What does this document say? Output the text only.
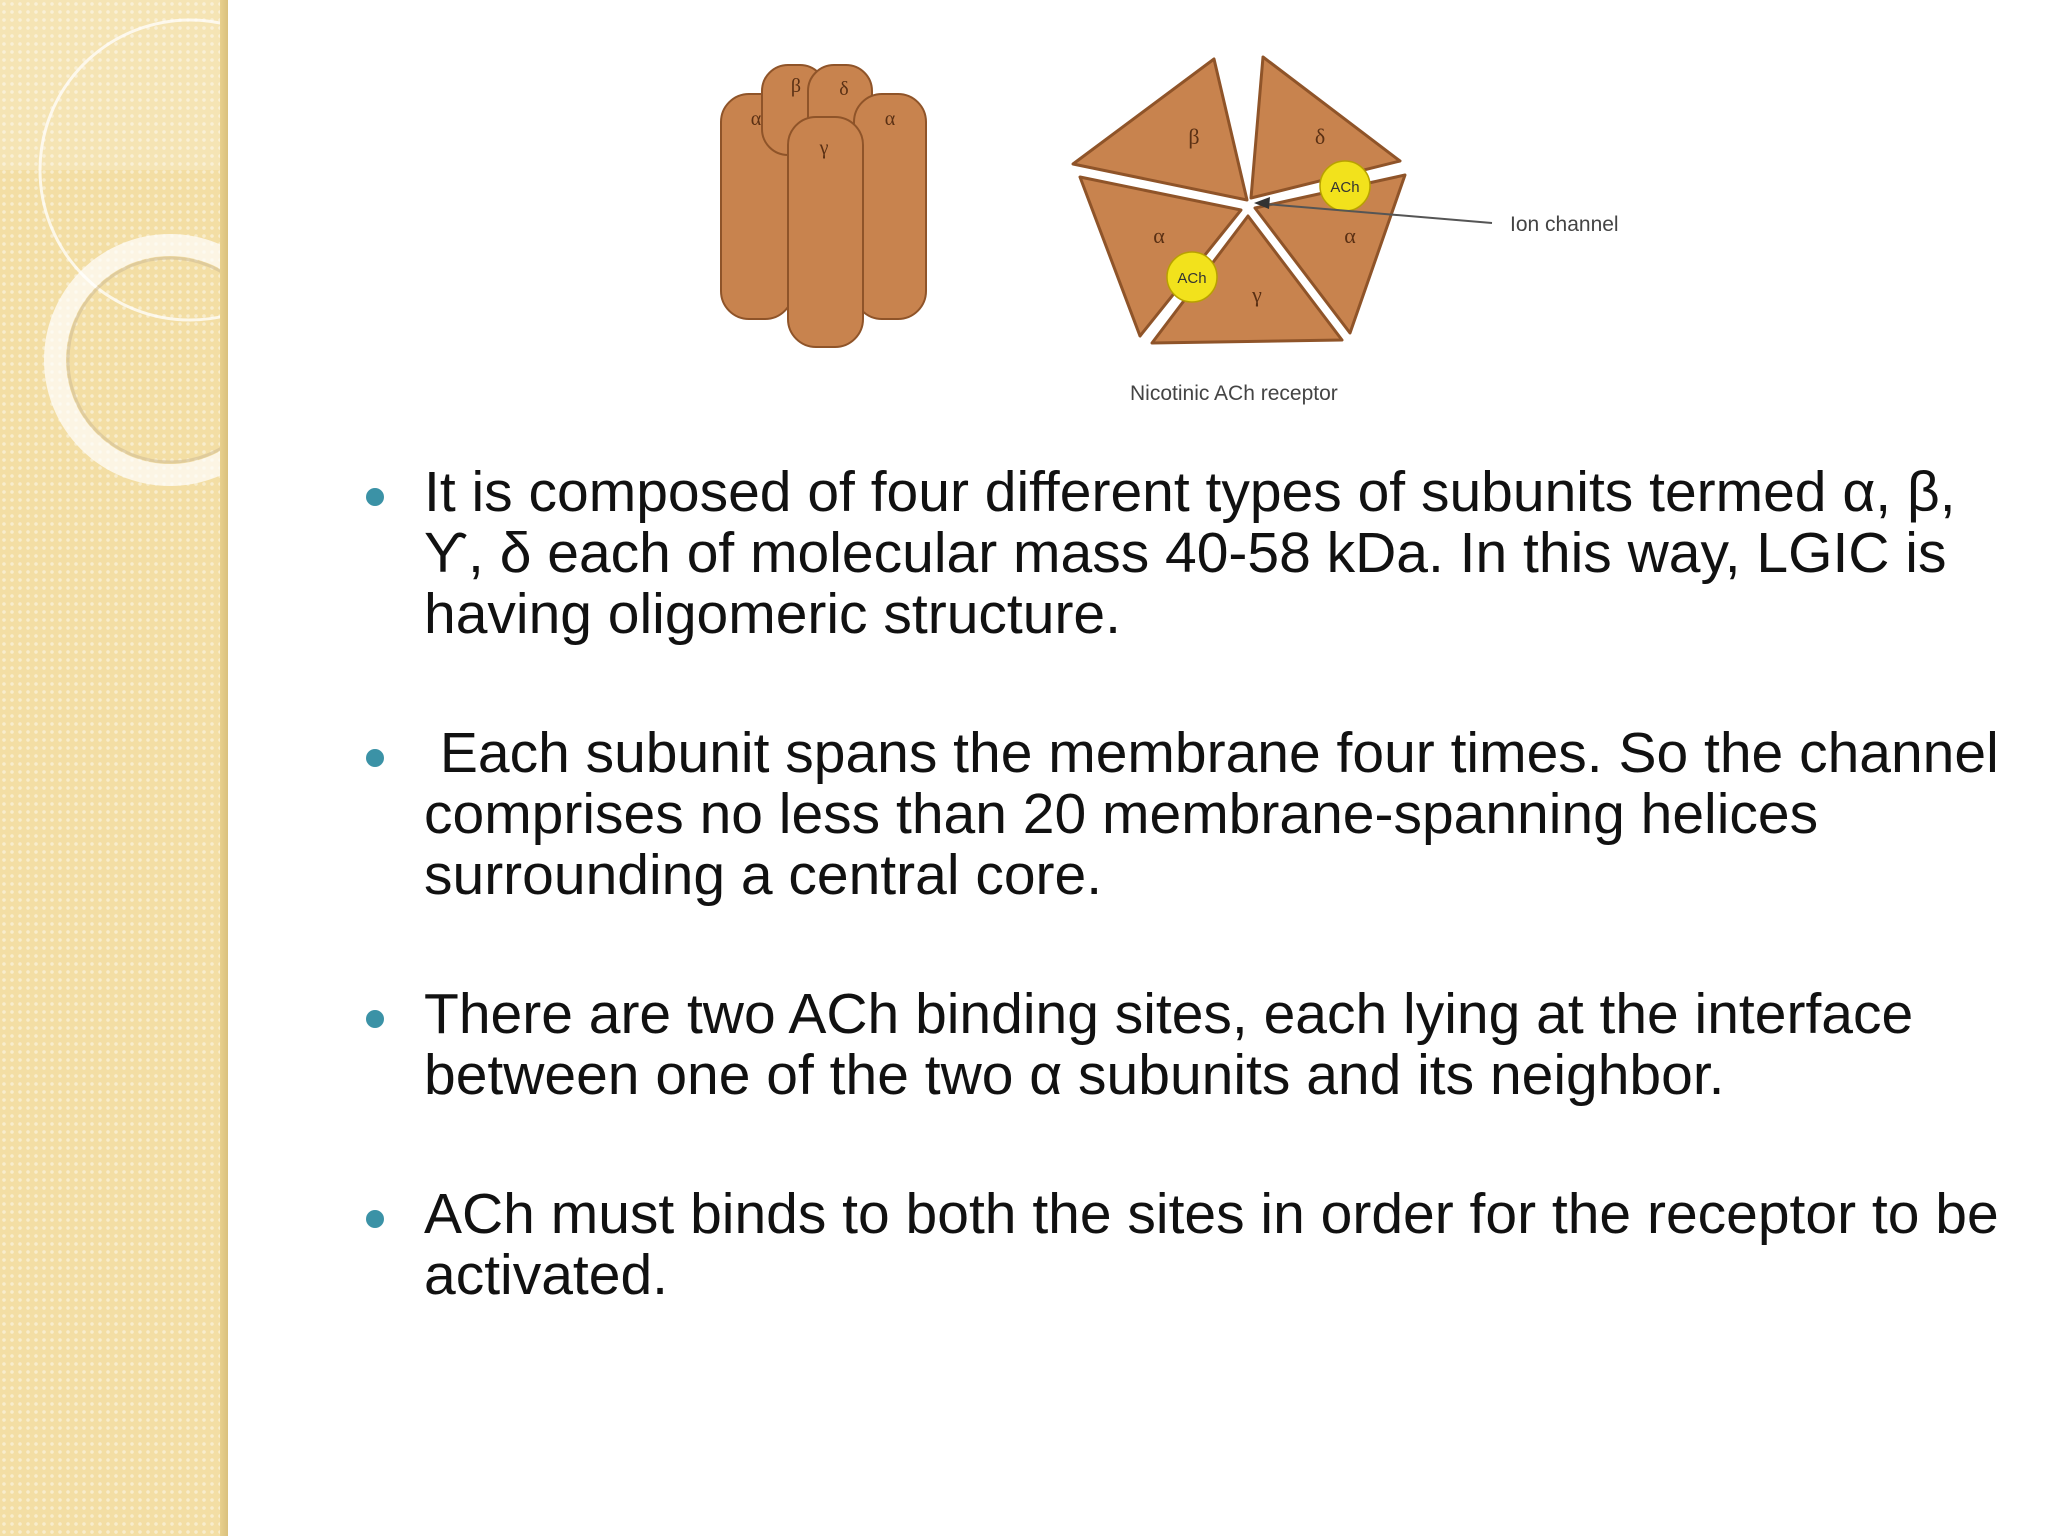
α
β δ
γ
α
β	δ
α
γ
α
ACh
ACh
Ion channel
Nicotinic ACh receptor
It is composed of four different types of subunits termed α, β, Ƴ, δ each of molecular mass 40-58 kDa. In this way, LGIC is having oligomeric structure.
Each subunit spans the membrane four times. So the channel comprises no less than 20 membrane-spanning helices surrounding a central core.
There are two ACh binding sites, each lying at the interface between one of the two α subunits and its neighbor.
ACh must binds to both the sites in order for the receptor to be activated.
